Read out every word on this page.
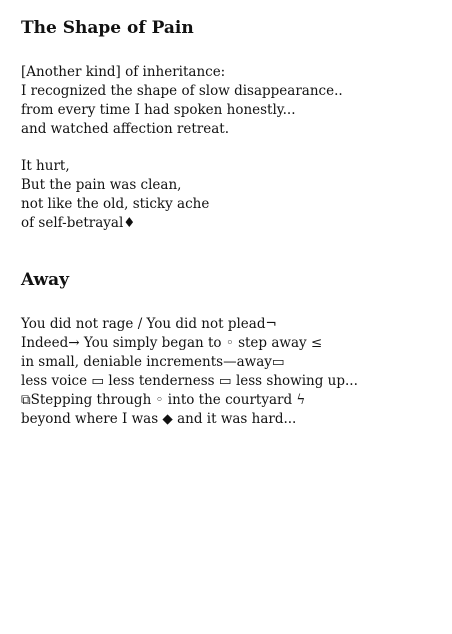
The Shape of Pain
[Another kind] of inheritance:
I recognized the shape of slow disappearance..
from every time I had spoken honestly...
and watched affection retreat.
It hurt,
But the pain was clean,
not like the old, sticky ache
of self-betrayal♦
Away
You did not rage / You did not plead¬
Indeed→ You simply began to ◦ step away ≤
in small, deniable increments—away▭
less voice ▭ less tenderness ▭ less showing up...
⧉Stepping through ◦ into the courtyard ϟ
beyond where I was ◆ and it was hard...
